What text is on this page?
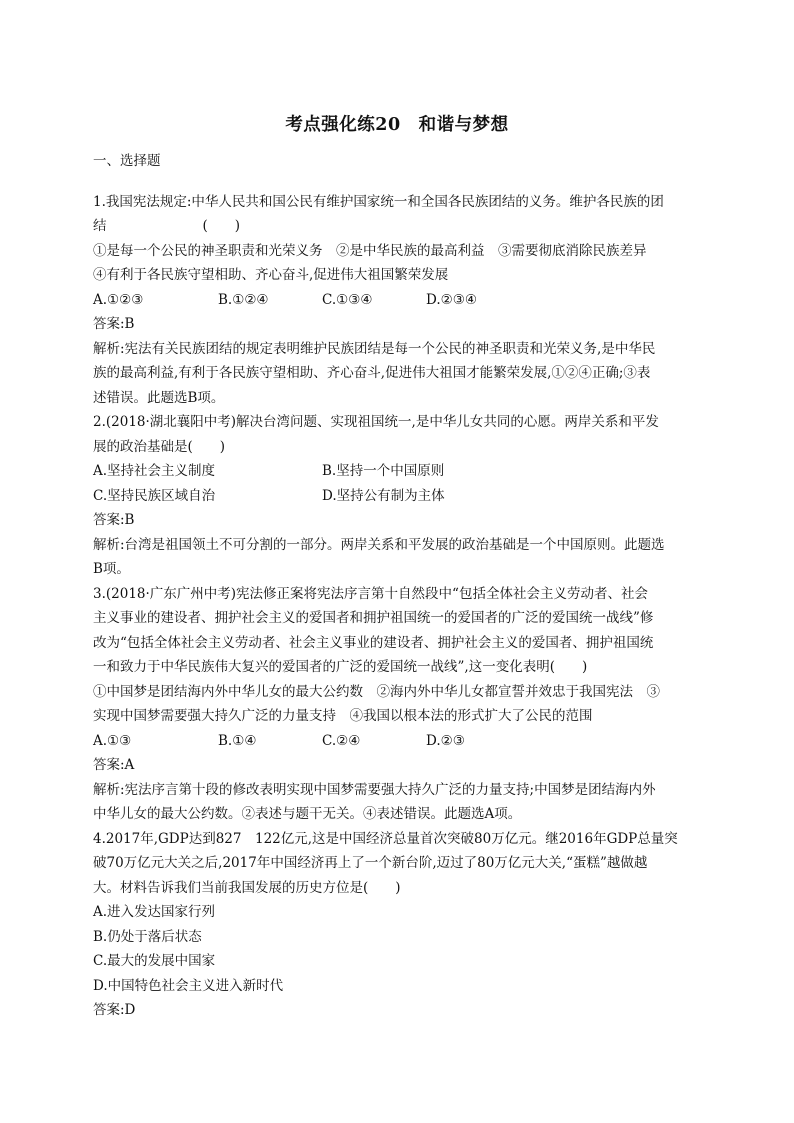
考点强化练20　和谐与梦想
一、选择题
1.我国宪法规定:中华人民共和国公民有维护国家统一和全国各民族团结的义务。维护各民族的团
结	(　　)
①是每一个公民的神圣职责和光荣义务　②是中华民族的最高利益　③需要彻底消除民族差异
④有利于各民族守望相助、齐心奋斗,促进伟大祖国繁荣发展
A.①②③	B.①②④	C.①③④	D.②③④
答案:B
解析:宪法有关民族团结的规定表明维护民族团结是每一个公民的神圣职责和光荣义务,是中华民
族的最高利益,有利于各民族守望相助、齐心奋斗,促进伟大祖国才能繁荣发展,①②④正确;③表
述错误。此题选B项。
2.(2018·湖北襄阳中考)解决台湾问题、实现祖国统一,是中华儿女共同的心愿。两岸关系和平发
展的政治基础是(　　)
A.坚持社会主义制度	B.坚持一个中国原则
C.坚持民族区域自治	D.坚持公有制为主体
答案:B
解析:台湾是祖国领土不可分割的一部分。两岸关系和平发展的政治基础是一个中国原则。此题选
B项。
3.(2018·广东广州中考)宪法修正案将宪法序言第十自然段中“包括全体社会主义劳动者、社会
主义事业的建设者、拥护社会主义的爱国者和拥护祖国统一的爱国者的广泛的爱国统一战线”修
改为“包括全体社会主义劳动者、社会主义事业的建设者、拥护社会主义的爱国者、拥护祖国统
一和致力于中华民族伟大复兴的爱国者的广泛的爱国统一战线”,这一变化表明(　　)
①中国梦是团结海内外中华儿女的最大公约数　②海内外中华儿女都宣誓并效忠于我国宪法　③
实现中国梦需要强大持久广泛的力量支持　④我国以根本法的形式扩大了公民的范围
A.①③	B.①④	C.②④	D.②③
答案:A
解析:宪法序言第十段的修改表明实现中国梦需要强大持久广泛的力量支持;中国梦是团结海内外
中华儿女的最大公约数。②表述与题干无关。④表述错误。此题选A项。
4.2017年,GDP达到827　122亿元,这是中国经济总量首次突破80万亿元。继2016年GDP总量突
破70万亿元大关之后,2017年中国经济再上了一个新台阶,迈过了80万亿元大关,“蛋糕”越做越
大。材料告诉我们当前我国发展的历史方位是(　　)
A.进入发达国家行列
B.仍处于落后状态
C.最大的发展中国家
D.中国特色社会主义进入新时代
答案:D
